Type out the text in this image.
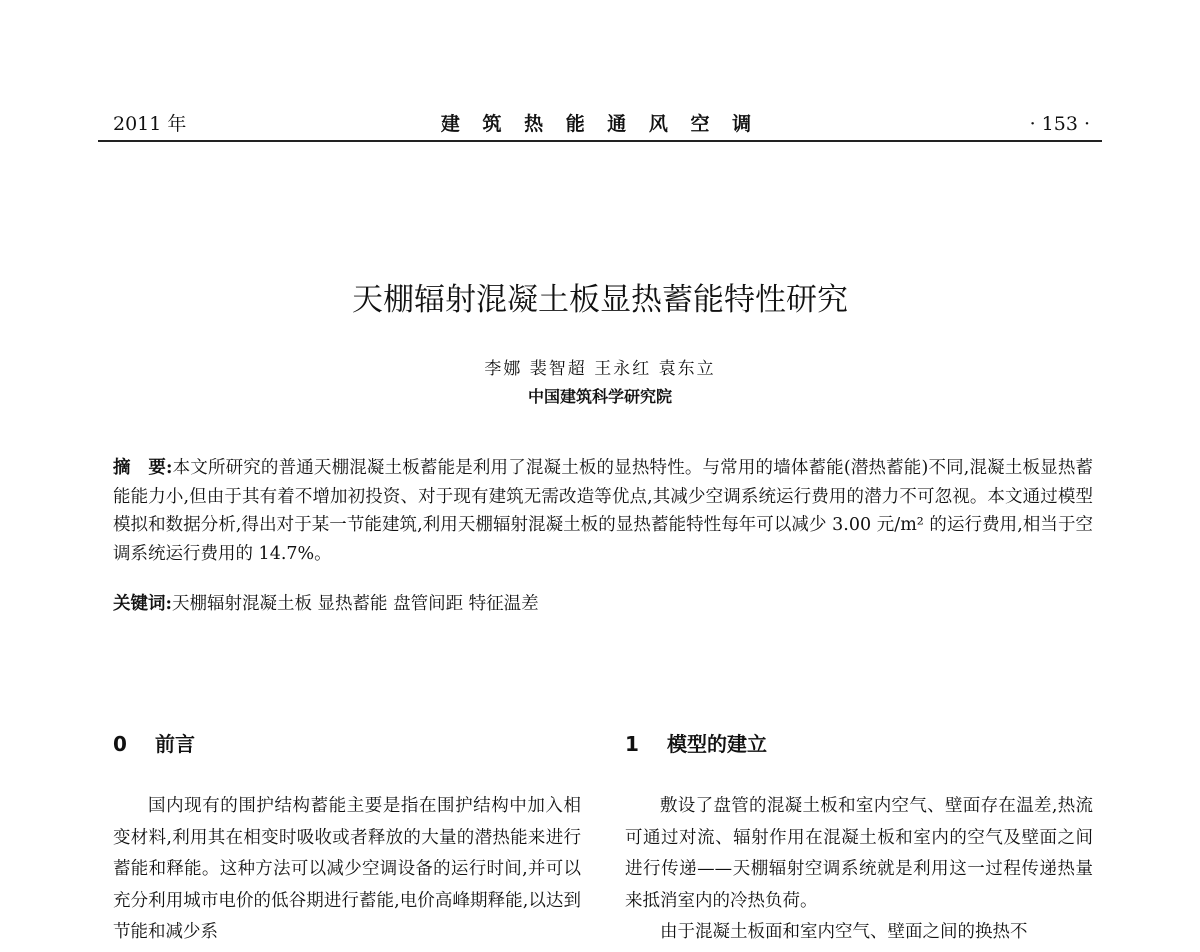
2011 年	建 筑 热 能 通 风 空 调	· 153 ·
天棚辐射混凝土板显热蓄能特性研究
李娜 裴智超 王永红 袁东立
中国建筑科学研究院
摘　要:本文所研究的普通天棚混凝土板蓄能是利用了混凝土板的显热特性。与常用的墙体蓄能(潜热蓄能)不同,混凝土板显热蓄能能力小,但由于其有着不增加初投资、对于现有建筑无需改造等优点,其减少空调系统运行费用的潜力不可忽视。本文通过模型模拟和数据分析,得出对于某一节能建筑,利用天棚辐射混凝土板的显热蓄能特性每年可以减少 3.00 元/m² 的运行费用,相当于空调系统运行费用的 14.7%。
关键词:天棚辐射混凝土板 显热蓄能 盘管间距 特征温差
0 前言	1 模型的建立

国内现有的围护结构蓄能主要是指在围护结构中加入相变材料,利用其在相变时吸收或者释放的大量的潜热能来进行蓄能和释能。这种方法可以减少空调设备的运行时间,并可以充分利用城市电价的低谷期进行蓄能,电价高峰期释能,以达到节能和减少系

敷设了盘管的混凝土板和室内空气、壁面存在温差,热流可通过对流、辐射作用在混凝土板和室内的空气及壁面之间进行传递——天棚辐射空调系统就是利用这一过程传递热量来抵消室内的冷热负荷。

由于混凝土板面和室内空气、壁面之间的换热不
